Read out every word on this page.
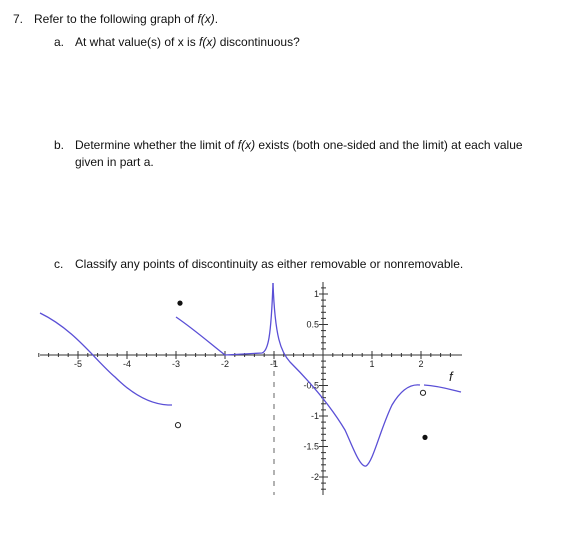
7. Refer to the following graph of f(x).
a. At what value(s) of x is f(x) discontinuous?
b. Determine whether the limit of f(x) exists (both one-sided and the limit) at each value
given in part a.
c. Classify any points of discontinuity as either removable or nonremovable.
-5	-4	-3	-2	-1	1	2
1
0.5
-0.5
-1
-1.5
-2
f
